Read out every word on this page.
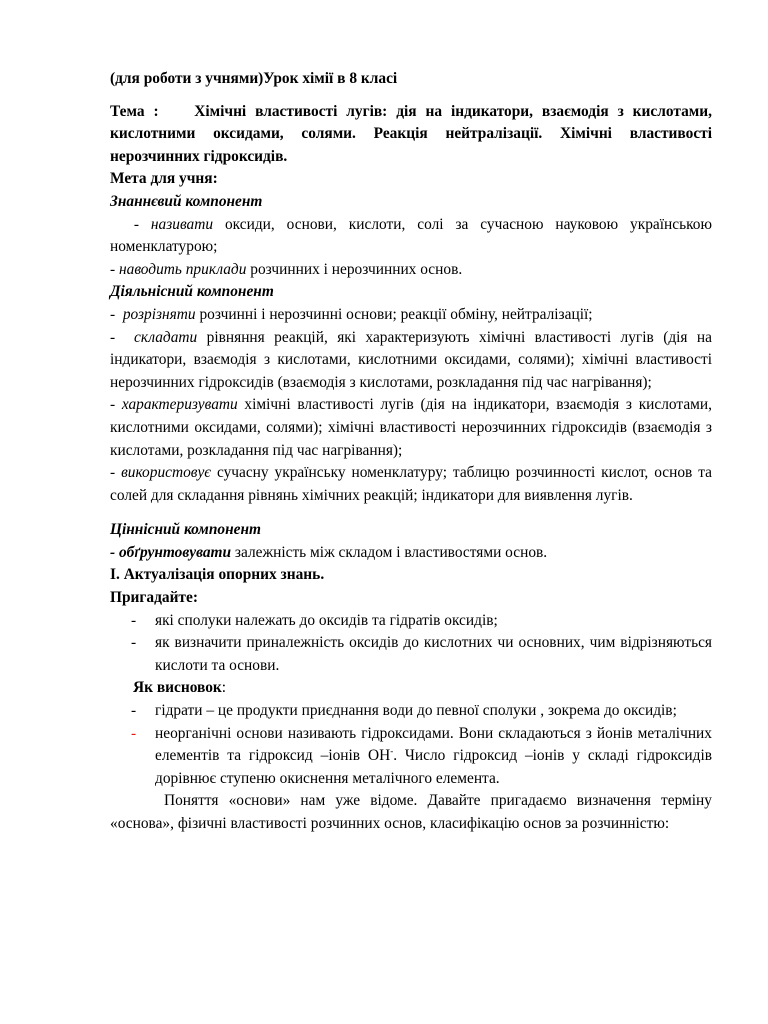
(для роботи з учнями)Урок хімії в 8 класі

Тема : Хімічні властивості лугів: дія на індикатори, взаємодія з кислотами, кислотними оксидами, солями. Реакція нейтралізації. Хімічні властивості нерозчинних гідроксидів.

Мета для учня:

Знаннєвий компонент

- називати оксиди, основи, кислоти, солі за сучасною науковою українською номенклатурою;

- наводить приклади розчинних і нерозчинних основ.

Діяльнісний компонент

-  розрізняти розчинні і нерозчинні основи; реакції обміну, нейтралізації;

-  складати рівняння реакцій, які характеризують хімічні властивості лугів (дія на індикатори, взаємодія з кислотами, кислотними оксидами, солями); хімічні властивості нерозчинних гідроксидів (взаємодія з кислотами, розкладання під час нагрівання);

- характеризувати хімічні властивості лугів (дія на індикатори, взаємодія з кислотами, кислотними оксидами, солями); хімічні властивості нерозчинних гідроксидів (взаємодія з кислотами, розкладання під час нагрівання);

- використовує сучасну українську номенклатуру; таблицю розчинності кислот, основ та солей для складання рівнянь хімічних реакцій; індикатори для виявлення лугів.

Ціннісний компонент

- обґрунтовувати залежність між складом і властивостями основ.

І. Актуалізація опорних знань.

Пригадайте:

- які сполуки належать до оксидів та гідратів оксидів;

- як визначити приналежність оксидів до кислотних чи основних, чим відрізняються кислоти та основи.

Як висновок:

- гідрати – це продукти приєднання води до певної сполуки , зокрема до оксидів;

- неорганічні основи називають гідроксидами. Вони складаються з йонів металічних елементів та гідроксид –іонів ОН-. Число гідроксид –іонів у складі гідроксидів дорівнює ступеню окиснення металічного елемента.

Поняття «основи» нам уже відоме. Давайте пригадаємо визначення терміну «основа», фізичні властивості розчинних основ, класифікацію основ за розчинністю:
